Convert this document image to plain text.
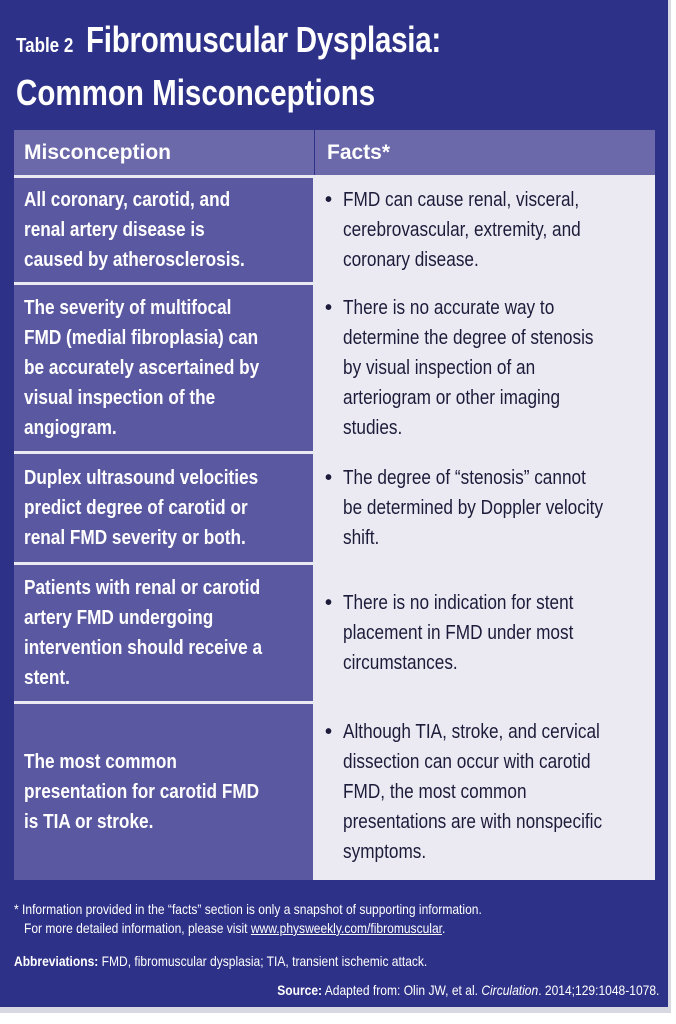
Table 2 Fibromuscular Dysplasia:
Common Misconceptions
Misconception	Facts*
All coronary, carotid, and renal artery disease is caused by atherosclerosis.
• FMD can cause renal, visceral, cerebrovascular, extremity, and coronary disease.
The severity of multifocal FMD (medial fibroplasia) can be accurately ascertained by visual inspection of the angiogram.
• There is no accurate way to determine the degree of stenosis by visual inspection of an arteriogram or other imaging studies.
Duplex ultrasound velocities predict degree of carotid or renal FMD severity or both.
• The degree of “stenosis” cannot be determined by Doppler velocity shift.
Patients with renal or carotid artery FMD undergoing intervention should receive a stent.
• There is no indication for stent placement in FMD under most circumstances.
The most common presentation for carotid FMD is TIA or stroke.
• Although TIA, stroke, and cervical dissection can occur with carotid FMD, the most common presentations are with nonspecific symptoms.
* Information provided in the “facts” section is only a snapshot of supporting information.
For more detailed information, please visit www.physweekly.com/fibromuscular.
Abbreviations: FMD, fibromuscular dysplasia; TIA, transient ischemic attack.
Source: Adapted from: Olin JW, et al. Circulation. 2014;129:1048-1078.
